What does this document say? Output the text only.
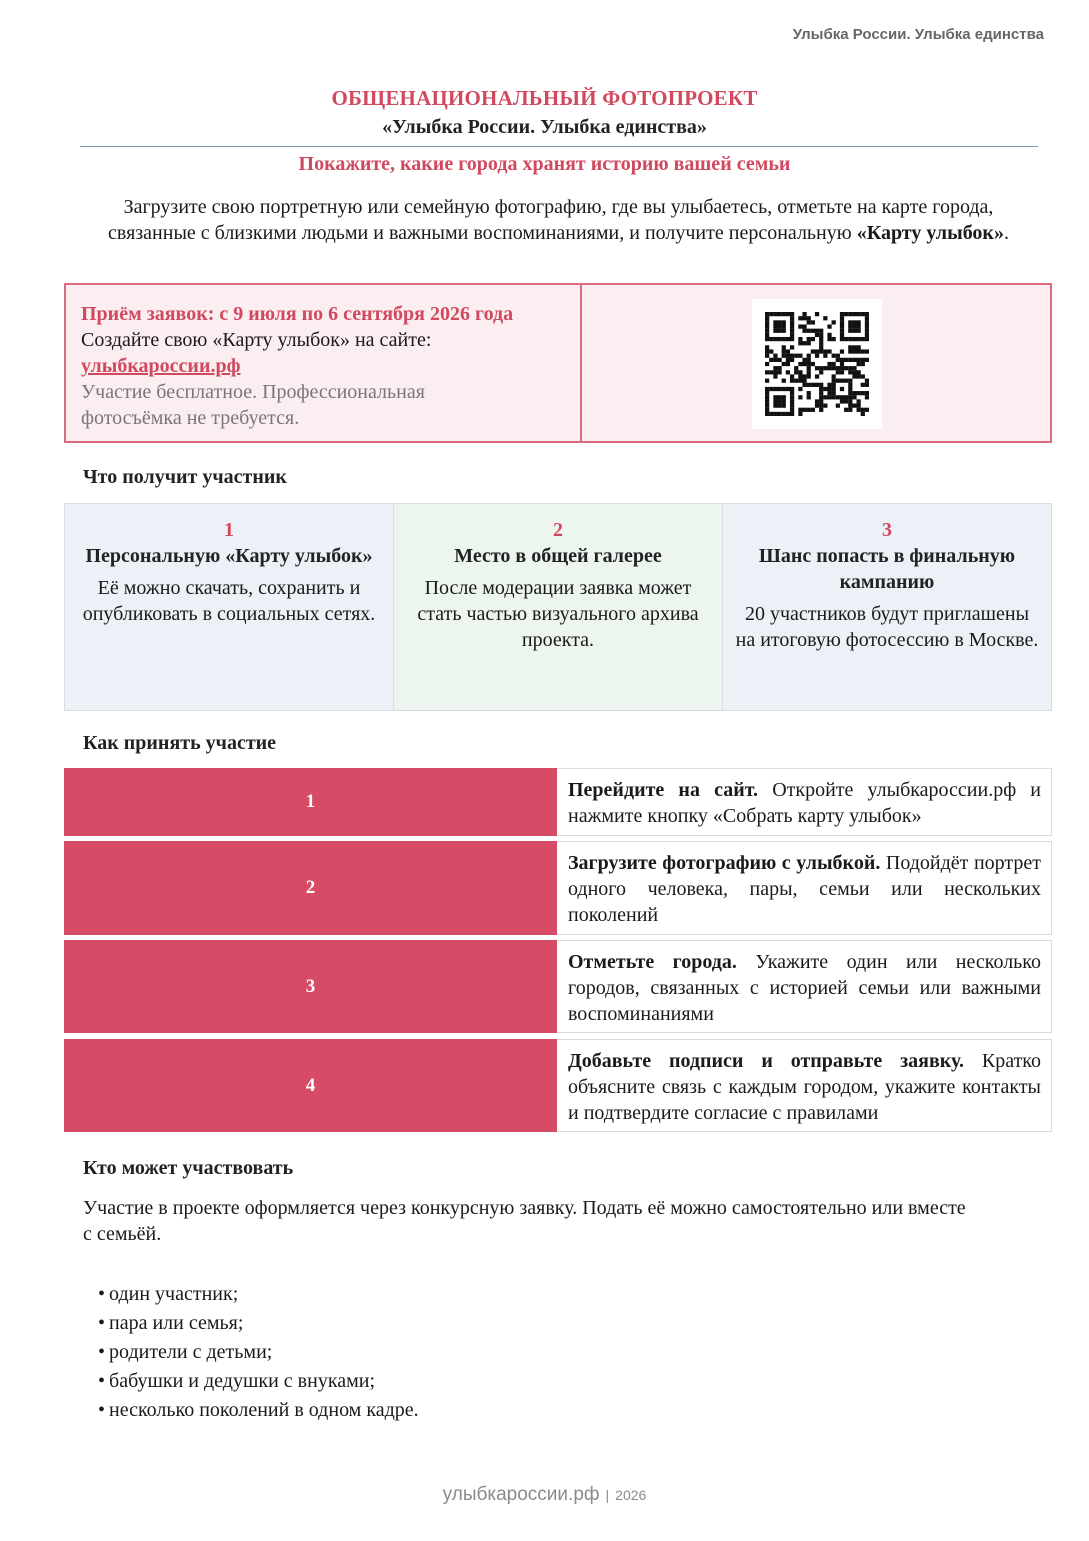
Улыбка России. Улыбка единства
ОБЩЕНАЦИОНАЛЬНЫЙ ФОТОПРОЕКТ
«Улыбка России. Улыбка единства»
Покажите, какие города хранят историю вашей семьи
Загрузите свою портретную или семейную фотографию, где вы улыбаетесь, отметьте на карте города, связанные с близкими людьми и важными воспоминаниями, и получите персональную «Карту улыбок».
Приём заявок: с 9 июля по 6 сентября 2026 года
Создайте свою «Карту улыбок» на сайте:
улыбкароссии.рф
Участие бесплатное. Профессиональная фотосъёмка не требуется.
Что получит участник
1
Персональную «Карту улыбок»
Её можно скачать, сохранить и опубликовать в социальных сетях.
2
Место в общей галерее
После модерации заявка может стать частью визуального архива проекта.
3
Шанс попасть в финальную кампанию
20 участников будут приглашены
на итоговую фотосессию в Москве.
Как принять участие
1
Перейдите на сайт. Откройте улыбкароссии.рф и нажмите кнопку «Собрать карту улыбок»
2
Загрузите фотографию с улыбкой. Подойдёт портрет одного человека, пары, семьи или нескольких поколений
3
Отметьте города. Укажите один или несколько городов, связанных с историей семьи или важными воспоминаниями
4
Добавьте подписи и отправьте заявку. Кратко объясните связь с каждым городом, укажите контакты и подтвердите согласие с правилами
Кто может участвовать
Участие в проекте оформляется через конкурсную заявку. Подать её можно самостоятельно или вместе
с семьёй.
• один участник;
• пара или семья;
• родители с детьми;
• бабушки и дедушки с внуками;
• несколько поколений в одном кадре.
улыбкароссии.рф | 2026
